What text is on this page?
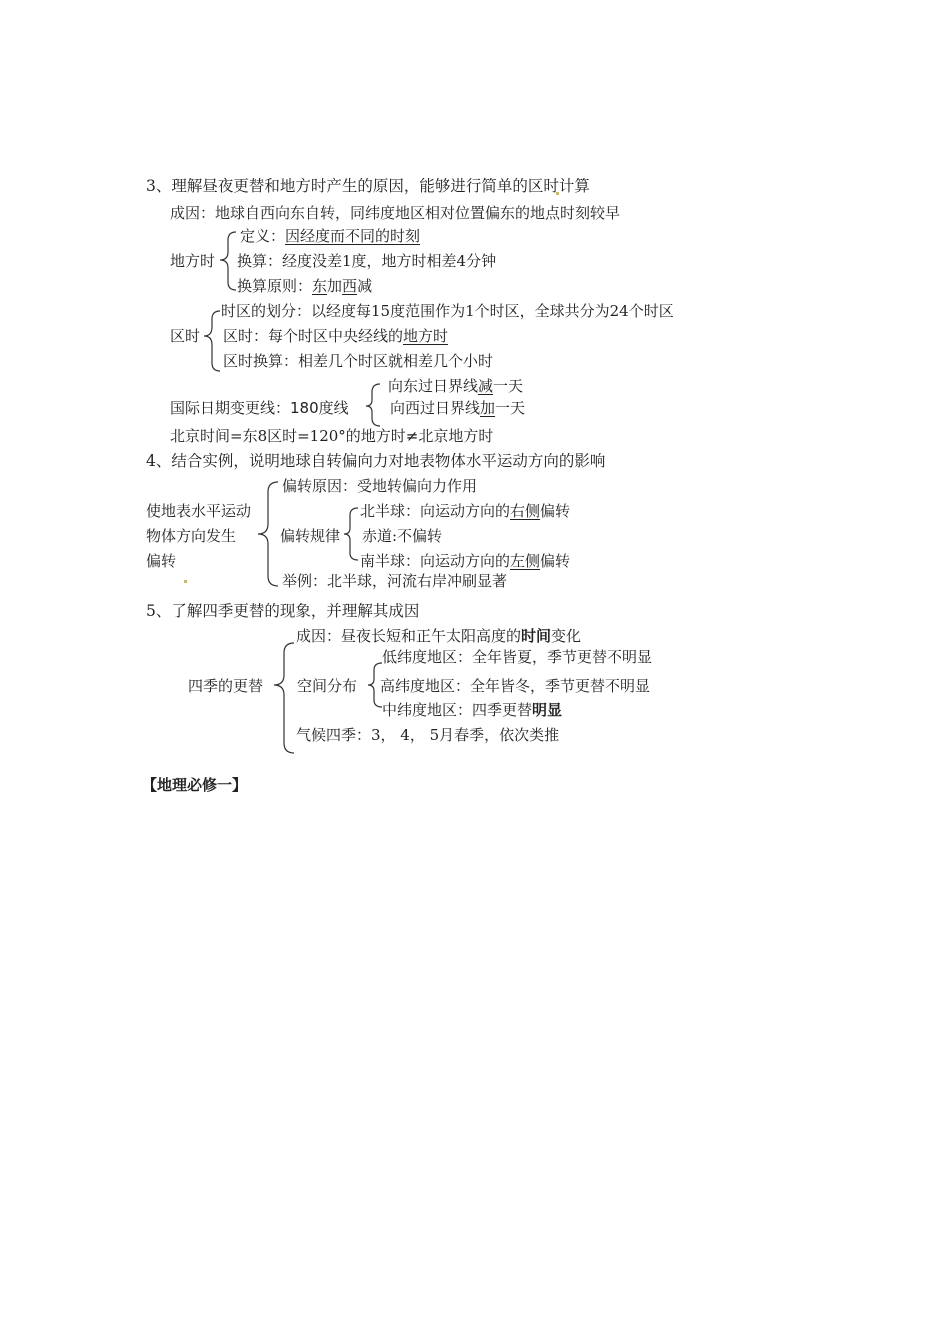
3、理解昼夜更替和地方时产生的原因，能够进行简单的区时计算
成因：地球自西向东自转，同纬度地区相对位置偏东的地点时刻较早
地方时
定义：因经度而不同的时刻
换算：经度没差1度，地方时相差4分钟
换算原则：东加西减
区时
时区的划分：以经度每15度范围作为1个时区，全球共分为24个时区
区时：每个时区中央经线的地方时
区时换算：相差几个时区就相差几个小时
国际日期变更线：180度线
向东过日界线减一天
向西过日界线加一天
北京时间=东8区时=120°的地方时≠北京地方时
4、结合实例，说明地球自转偏向力对地表物体水平运动方向的影响
使地表水平运动
物体方向发生
偏转
偏转原因：受地转偏向力作用
偏转规律
北半球：向运动方向的右侧偏转
赤道:不偏转
南半球：向运动方向的左侧偏转
举例：北半球，河流右岸冲刷显著
5、了解四季更替的现象，并理解其成因
四季的更替
成因：昼夜长短和正午太阳高度的时间变化
空间分布
低纬度地区：全年皆夏，季节更替不明显
高纬度地区：全年皆冬，季节更替不明显
中纬度地区：四季更替明显
气候四季：3， 4， 5月春季，依次类推
【地理必修一】
